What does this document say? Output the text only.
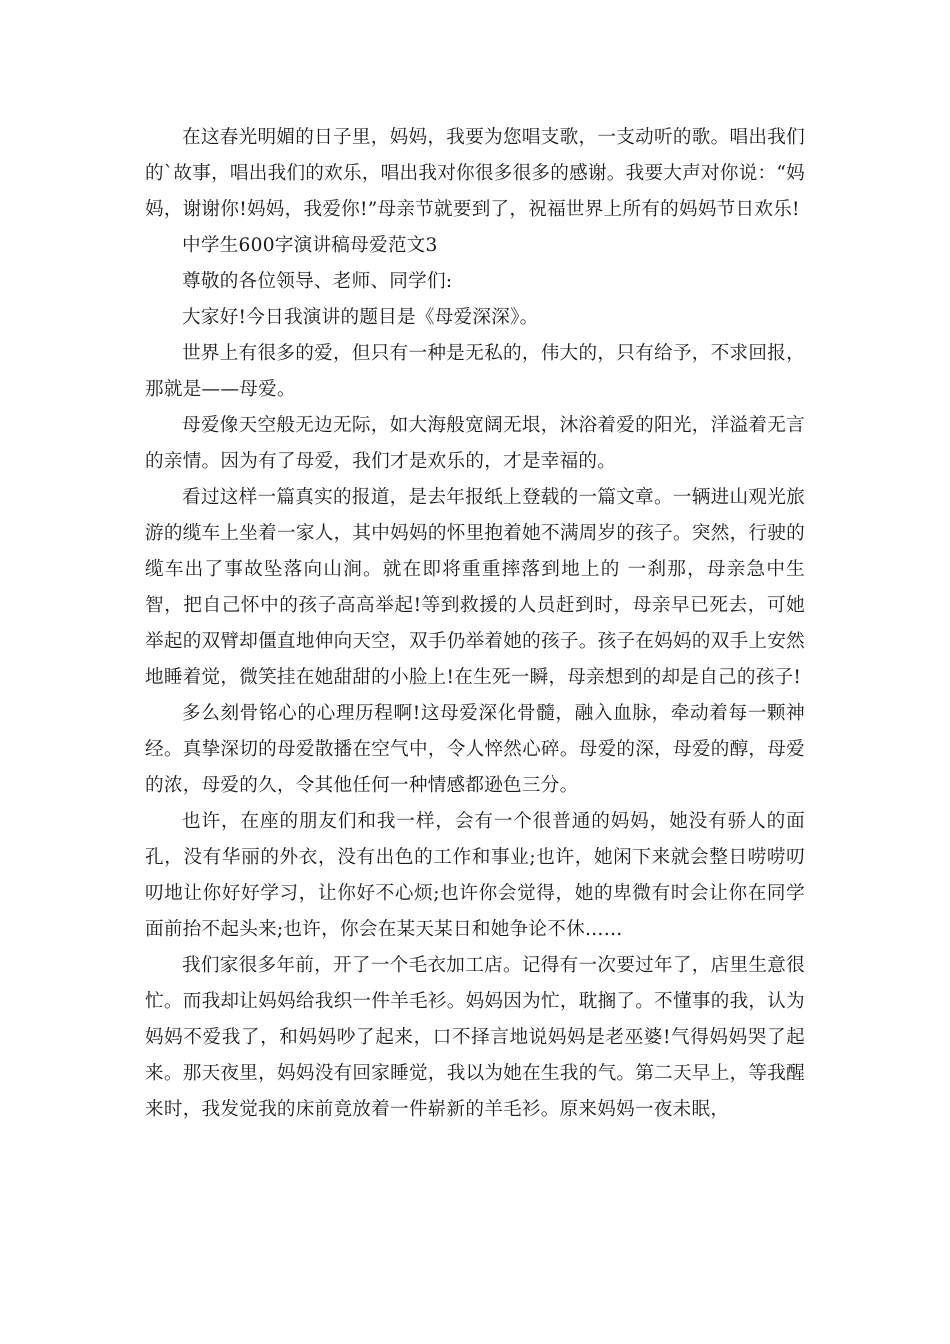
在这春光明媚的日子里，妈妈，我要为您唱支歌，一支动听的歌。唱出我们的`故事，唱出我们的欢乐，唱出我对你很多很多的感谢。我要大声对你说：“妈妈，谢谢你!妈妈，我爱你!”母亲节就要到了，祝福世界上所有的妈妈节日欢乐!

中学生600字演讲稿母爱范文3

尊敬的各位领导、老师、同学们:

大家好!今日我演讲的题目是《母爱深深》。

世界上有很多的爱，但只有一种是无私的，伟大的，只有给予，不求回报，那就是——母爱。

母爱像天空般无边无际，如大海般宽阔无垠，沐浴着爱的阳光，洋溢着无言的亲情。因为有了母爱，我们才是欢乐的，才是幸福的。

看过这样一篇真实的报道，是去年报纸上登载的一篇文章。一辆进山观光旅游的缆车上坐着一家人，其中妈妈的怀里抱着她不满周岁的孩子。突然，行驶的缆车出了事故坠落向山涧。就在即将重重摔落到地上的 一刹那，母亲急中生智，把自己怀中的孩子高高举起!等到救援的人员赶到时，母亲早已死去，可她举起的双臂却僵直地伸向天空，双手仍举着她的孩子。孩子在妈妈的双手上安然地睡着觉，微笑挂在她甜甜的小脸上!在生死一瞬，母亲想到的却是自己的孩子!

多么刻骨铭心的心理历程啊!这母爱深化骨髓，融入血脉，牵动着每一颗神经。真挚深切的母爱散播在空气中，令人悴然心碎。母爱的深，母爱的醇，母爱的浓，母爱的久，令其他任何一种情感都逊色三分。

也许，在座的朋友们和我一样，会有一个很普通的妈妈，她没有骄人的面孔，没有华丽的外衣，没有出色的工作和事业;也许，她闲下来就会整日唠唠叨叨地让你好好学习，让你好不心烦;也许你会觉得，她的卑微有时会让你在同学面前抬不起头来;也许，你会在某天某日和她争论不休……

我们家很多年前，开了一个毛衣加工店。记得有一次要过年了，店里生意很忙。而我却让妈妈给我织一件羊毛衫。妈妈因为忙，耽搁了。不懂事的我，认为妈妈不爱我了，和妈妈吵了起来，口不择言地说妈妈是老巫婆!气得妈妈哭了起来。那天夜里，妈妈没有回家睡觉，我以为她在生我的气。第二天早上，等我醒来时，我发觉我的床前竟放着一件崭新的羊毛衫。原来妈妈一夜未眠，
